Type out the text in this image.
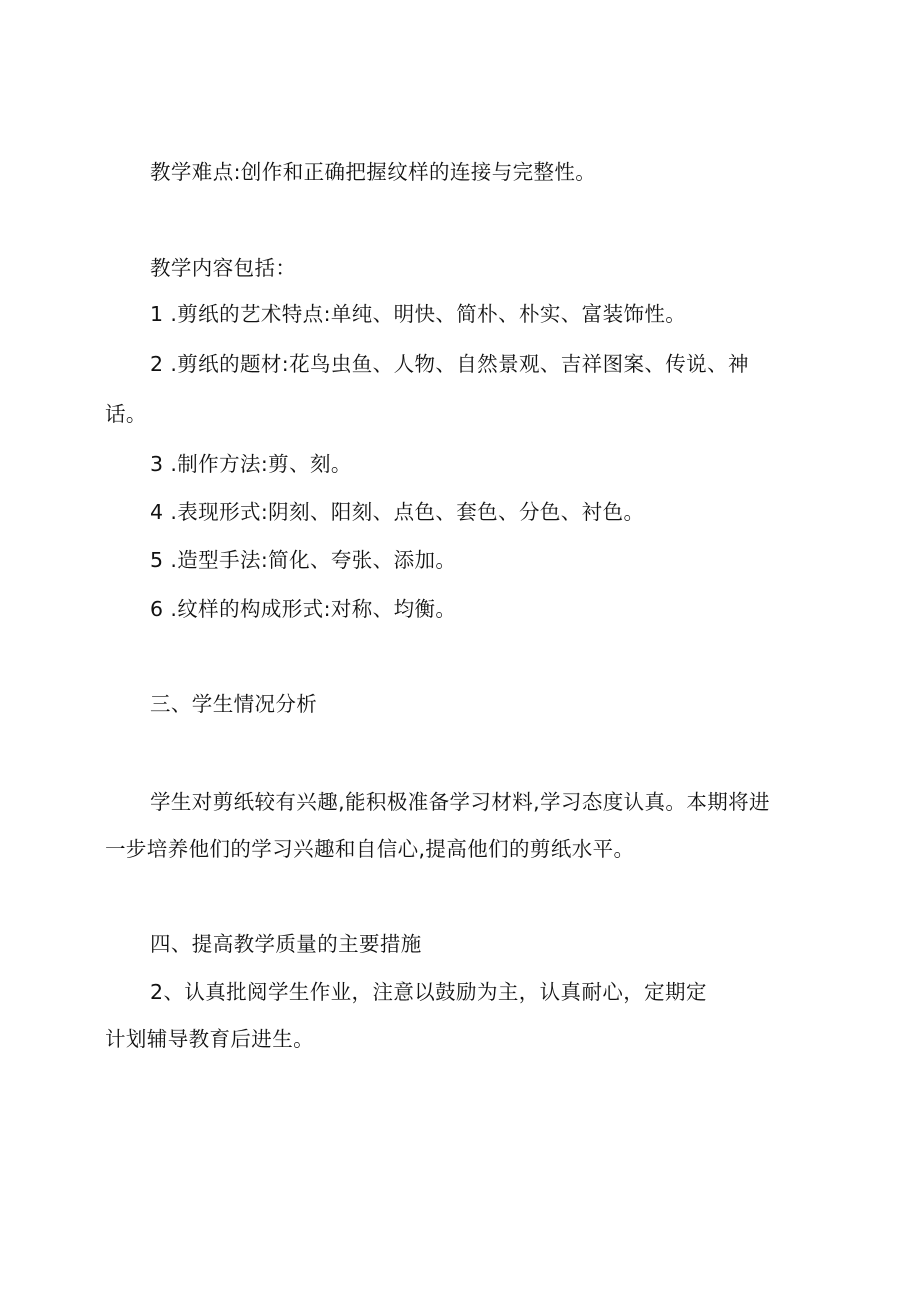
教学难点:创作和正确把握纹样的连接与完整性。

教学内容包括：

1 .剪纸的艺术特点:单纯、明快、简朴、朴实、富装饰性。

2 .剪纸的题材:花鸟虫鱼、人物、自然景观、吉祥图案、传说、神

话。

3 .制作方法:剪、刻。

4 .表现形式:阴刻、阳刻、点色、套色、分色、衬色。

5 .造型手法:简化、夸张、添加。

6 .纹样的构成形式:对称、均衡。

三、学生情况分析

学生对剪纸较有兴趣,能积极准备学习材料,学习态度认真。本期将进

一步培养他们的学习兴趣和自信心,提高他们的剪纸水平。

四、提高教学质量的主要措施

2、认真批阅学生作业，注意以鼓励为主，认真耐心，定期定

计划辅导教育后进生。
